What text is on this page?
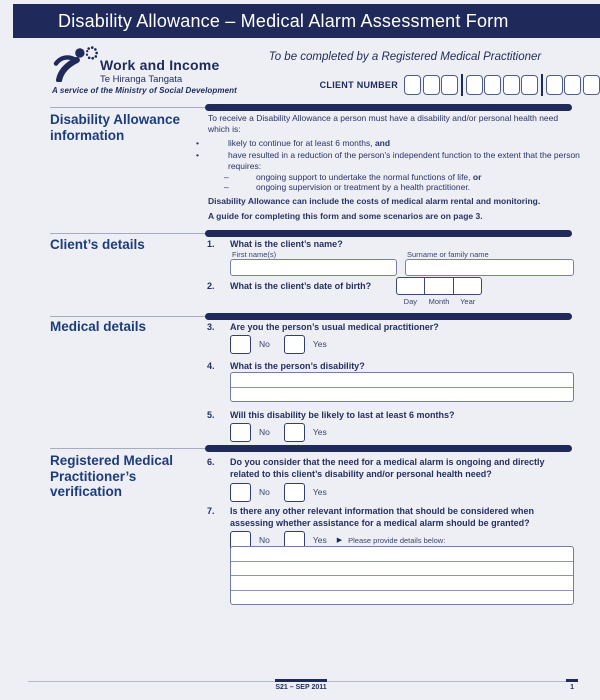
Disability Allowance – Medical Alarm Assessment Form
Work and Income
Te Hiranga Tangata
A service of the Ministry of Social Development
To be completed by a Registered Medical Practitioner
CLIENT NUMBER
Disability Allowance information
To receive a Disability Allowance a person must have a disability and/or personal health need which is:
•	likely to continue for at least 6 months, and
•	have resulted in a reduction of the person’s independent function to the extent that the person requires:
–	ongoing support to undertake the normal functions of life, or
–	ongoing supervision or treatment by a health practitioner.
Disability Allowance can include the costs of medical alarm rental and monitoring.
A guide for completing this form and some scenarios are on page 3.
Client’s details	1.	What is the client’s name?
First name(s)	Surname or family name
2.	What is the client’s date of birth?
Day	Month	Year
Medical details	3.	Are you the person’s usual medical practitioner?
No	Yes
4.	What is the person’s disability?
5.	Will this disability be likely to last at least 6 months?
No	Yes
Registered Medical Practitioner’s verification
6.	Do you consider that the need for a medical alarm is ongoing and directly related to this client’s disability and/or personal health need?
No	Yes
7.	Is there any other relevant information that should be considered when assessing whether assistance for a medical alarm should be granted?
No	Yes ▶ Please provide details below:
S21 – SEP 2011	1
